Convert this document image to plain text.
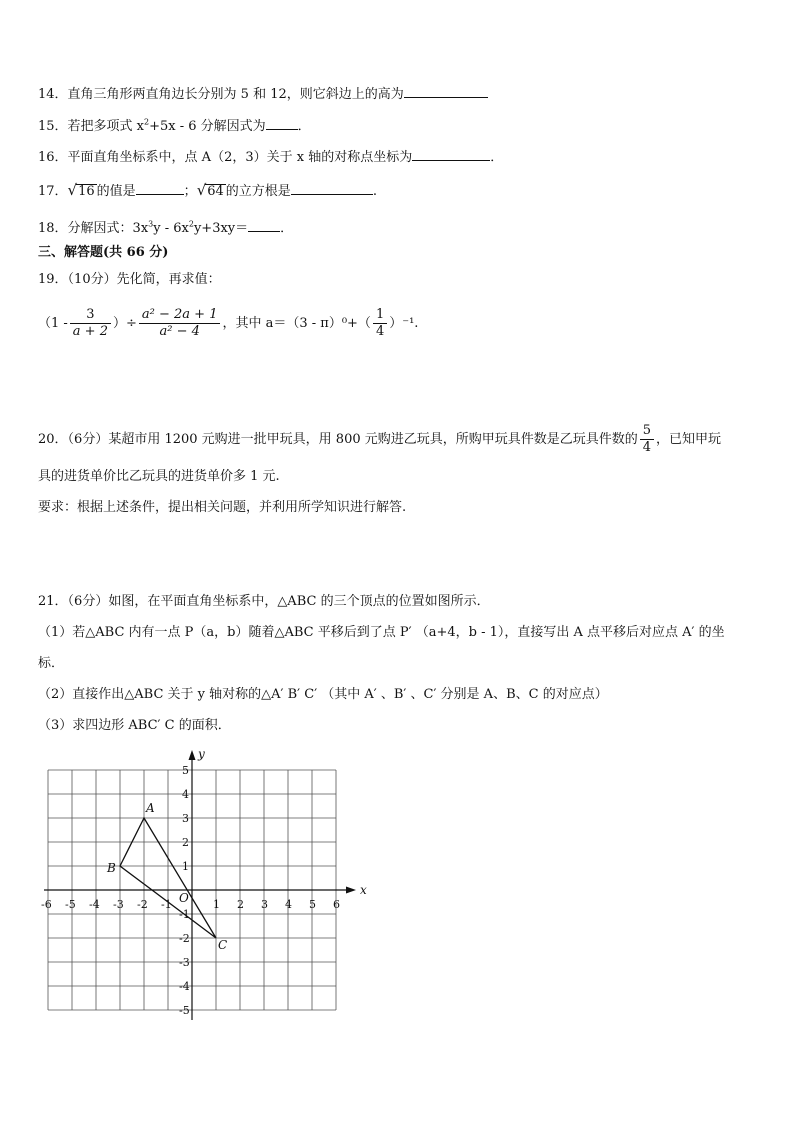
14．直角三角形两直角边长分别为 5 和 12，则它斜边上的高为
15．若把多项式 $x^2+5x - 6$ 分解因式为 ．
16．平面直角坐标系中，点 A（2，3）关于 x 轴的对称点坐标为	．
17．√16 的值是	；√64 的立方根是	.
18．分解因式：$3x^3y - 6x^2y+3xy=$ ．
三、解答题(共 66 分)
19．（10分）先化简，再求值：
（$1 - \frac{3}{a + 2}$ ）÷ $\frac{\text{a² − 2a + 1}}{\text{a² − 4}}$ ，其中 $a=(3 - \pi)^0+( \frac{1}{4} )^{-1}$.
20．（6分）某超市用 1200 元购进一批甲玩具，用 800 元购进乙玩具，所购甲玩具件数是乙玩具件数的 $\frac{5}{4}$ ，已知甲玩
具的进货单价比乙玩具的进货单价多 1 元.
要求：根据上述条件，提出相关问题，并利用所学知识进行解答.
21．（6分）如图，在平面直角坐标系中，△ABC 的三个顶点的位置如图所示．
（1）若△ABC 内有一点 P（a，b）随着△ABC 平移后到了点 P′ （a+4，b - 1），直接写出 A 点平移后对应点 A′ 的坐
标．
（2）直接作出△ABC 关于 y 轴对称的△A′ B′ C′ （其中 A′ 、B′ 、C′ 分别是 A、B、C 的对应点）
（3）求四边形 ABC′ C 的面积．
x
y
O
-6 -5 -4 -3 -2 -1	1 2 3 4 5 6
5
4
3
2
1
-1
-2
-3
-4
-5
A
B
C
